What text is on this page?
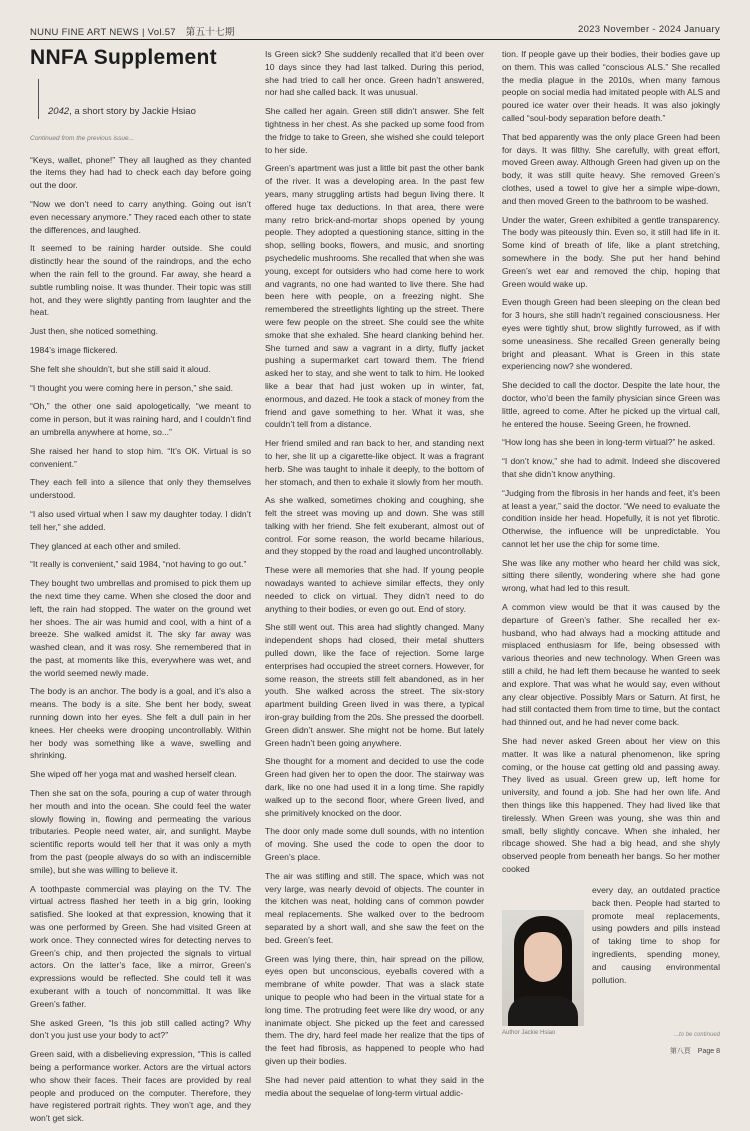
NUNU FINE ART NEWS | Vol.57　第五十七期	2023 November - 2024 January
NNFA Supplement
2042, a short story by Jackie Hsiao
Continued from the previous issue...

“Keys, wallet, phone!” They all laughed as they chanted the items they had had to check each day before going out the door.

“Now we don’t need to carry anything. Going out isn’t even necessary anymore.” They raced each other to state the differences, and laughed.

It seemed to be raining harder outside. She could distinctly hear the sound of the raindrops, and the echo when the rain fell to the ground. Far away, she heard a subtle rumbling noise. It was thunder. Their topic was still hot, and they were slightly panting from laughter and the heat.

Just then, she noticed something.

1984’s image flickered.

She felt she shouldn’t, but she still said it aloud.

“I thought you were coming here in person,” she said.

“Oh,” the other one said apologetically, “we meant to come in person, but it was raining hard, and I couldn’t find an umbrella anywhere at home, so...”

She raised her hand to stop him. “It’s OK. Virtual is so convenient.”

They each fell into a silence that only they themselves understood.

“I also used virtual when I saw my daughter today. I didn’t tell her,” she added.

They glanced at each other and smiled.

“It really is convenient,” said 1984, “not having to go out.”

They bought two umbrellas and promised to pick them up the next time they came. When she closed the door and left, the rain had stopped. The water on the ground wet her shoes. The air was humid and cool, with a hint of a breeze. She walked amidst it. The sky far away was washed clean, and it was rosy. She remembered that in the past, at moments like this, everywhere was wet, and the world seemed newly made.

The body is an anchor. The body is a goal, and it’s also a means. The body is a site. She bent her body, sweat running down into her eyes. She felt a dull pain in her knees. Her cheeks were drooping uncontrollably. Within her body was something like a wave, swelling and shrinking.

She wiped off her yoga mat and washed herself clean.

Then she sat on the sofa, pouring a cup of water through her mouth and into the ocean. She could feel the water slowly flowing in, flowing and permeating the various tributaries. People need water, air, and sunlight. Maybe scientific reports would tell her that it was only a myth from the past (people always do so with an indiscernible smile), but she was willing to believe it.

A toothpaste commercial was playing on the TV. The virtual actress flashed her teeth in a big grin, looking satisfied. She looked at that expression, knowing that it was one performed by Green. She had visited Green at work once. They connected wires for detecting nerves to Green’s chip, and then projected the signals to virtual actors. On the latter’s face, like a mirror, Green’s expressions would be reflected. She could tell it was exuberant with a touch of noncommittal. It was like Green’s father.

She asked Green, “Is this job still called acting? Why don’t you just use your body to act?”

Green said, with a disbelieving expression, “This is called being a performance worker. Actors are the virtual actors who show their faces. Their faces are provided by real people and produced on the computer. Therefore, they have registered portrait rights. They won’t age, and they won’t get sick.

Is Green sick? She suddenly recalled that it’d been over 10 days since they had last talked. During this period, she had tried to call her once. Green hadn’t answered, nor had she called back. It was unusual.

She called her again. Green still didn’t answer. She felt tightness in her chest. As she packed up some food from the fridge to take to Green, she wished she could teleport to her side.

Green’s apartment was just a little bit past the other bank of the river. It was a developing area. In the past few years, many struggling artists had begun living there. It offered huge tax deductions. In that area, there were many retro brick-and-mortar shops opened by young people. They adopted a questioning stance, sitting in the shop, selling books, flowers, and music, and snorting psychedelic mushrooms. She recalled that when she was young, except for outsiders who had come here to work and vagrants, no one had wanted to live there. She had been here with people, on a freezing night. She remembered the streetlights lighting up the street. There were few people on the street. She could see the white smoke that she exhaled. She heard clanking behind her. She turned and saw a vagrant in a dirty, fluffy jacket pushing a supermarket cart toward them. The friend asked her to stay, and she went to talk to him. He looked like a bear that had just woken up in winter, fat, enormous, and dazed. He took a stack of money from the friend and gave something to her. What it was, she couldn’t tell from a distance.

Her friend smiled and ran back to her, and standing next to her, she lit up a cigarette-like object. It was a fragrant herb. She was taught to inhale it deeply, to the bottom of her stomach, and then to exhale it slowly from her mouth.

As she walked, sometimes choking and coughing, she felt the street was moving up and down. She was still talking with her friend. She felt exuberant, almost out of control. For some reason, the world became hilarious, and they stopped by the road and laughed uncontrollably.

These were all memories that she had. If young people nowadays wanted to achieve similar effects, they only needed to click on virtual. They didn’t need to do anything to their bodies, or even go out. End of story.

She still went out. This area had slightly changed. Many independent shops had closed, their metal shutters pulled down, like the face of rejection. Some large enterprises had occupied the street corners. However, for some reason, the streets still felt abandoned, as in her youth. She walked across the street. The six-story apartment building Green lived in was there, a typical iron-gray building from the 20s. She pressed the doorbell. Green didn’t answer. She might not be home. But lately Green hadn’t been going anywhere.

She thought for a moment and decided to use the code Green had given her to open the door. The stairway was dark, like no one had used it in a long time. She rapidly walked up to the second floor, where Green lived, and she primitively knocked on the door.

The door only made some dull sounds, with no intention of moving. She used the code to open the door to Green’s place.

The air was stifling and still. The space, which was not very large, was nearly devoid of objects. The counter in the kitchen was neat, holding cans of common powder meal replacements. She walked over to the bedroom separated by a short wall, and she saw the feet on the bed. Green’s feet.

Green was lying there, thin, hair spread on the pillow, eyes open but unconscious, eyeballs covered with a membrane of white powder. That was a slack state unique to people who had been in the virtual state for a long time. The protruding feet were like dry wood, or any inanimate object. She picked up the feet and caressed them. The dry, hard feel made her realize that the tips of the feet had fibrosis, as happened to people who had given up their bodies.

She had never paid attention to what they said in the media about the sequelae of long-term virtual addic-

tion. If people gave up their bodies, their bodies gave up on them. This was called “conscious ALS.” She recalled the media plague in the 2010s, when many famous people on social media had imitated people with ALS and poured ice water over their heads. It was also jokingly called “soul-body separation before death.”

That bed apparently was the only place Green had been for days. It was filthy. She carefully, with great effort, moved Green away. Although Green had given up on the body, it was still quite heavy. She removed Green’s clothes, used a towel to give her a simple wipe-down, and then moved Green to the bathroom to be washed.

Under the water, Green exhibited a gentle transparency. The body was piteously thin. Even so, it still had life in it. Some kind of breath of life, like a plant stretching, somewhere in the body. She put her hand behind Green’s wet ear and removed the chip, hoping that Green would wake up.

Even though Green had been sleeping on the clean bed for 3 hours, she still hadn’t regained consciousness. Her eyes were tightly shut, brow slightly furrowed, as if with some uneasiness. She recalled Green generally being bright and pleasant. What is Green in this state experiencing now? she wondered.

She decided to call the doctor. Despite the late hour, the doctor, who’d been the family physician since Green was little, agreed to come. After he picked up the virtual call, he entered the house. Seeing Green, he frowned.

“How long has she been in long-term virtual?” he asked.

“I don’t know,” she had to admit. Indeed she discovered that she didn’t know anything.

“Judging from the fibrosis in her hands and feet, it’s been at least a year,” said the doctor. “We need to evaluate the condition inside her head. Hopefully, it is not yet fibrotic. Otherwise, the influence will be unpredictable. You cannot let her use the chip for some time.

She was like any mother who heard her child was sick, sitting there silently, wondering where she had gone wrong, what had led to this result.

A common view would be that it was caused by the departure of Green’s father. She recalled her ex-husband, who had always had a mocking attitude and misplaced enthusiasm for life, being obsessed with various theories and new technology. When Green was still a child, he had left them because he wanted to seek and explore. That was what he would say, even without any clear objective. Possibly Mars or Saturn. At first, he had still contacted them from time to time, but the contact had thinned out, and he had never come back.

She had never asked Green about her view on this matter. It was like a natural phenomenon, like spring coming, or the house cat getting old and passing away. They lived as usual. Green grew up, left home for university, and found a job. She had her own life. And then things like this happened. They had lived like that tirelessly. When Green was young, she was thin and small, belly slightly concave. When she inhaled, her ribcage showed. She had a big head, and she shyly observed people from beneath her bangs. So her mother cooked

Author Jackie Hsiao
every day, an outdated practice back then. People had started to promote meal replacements, using powders and pills instead of taking time to shop for ingredients, spending money, and causing environmental pollution.
...to be continued
第八頁　Page 8
